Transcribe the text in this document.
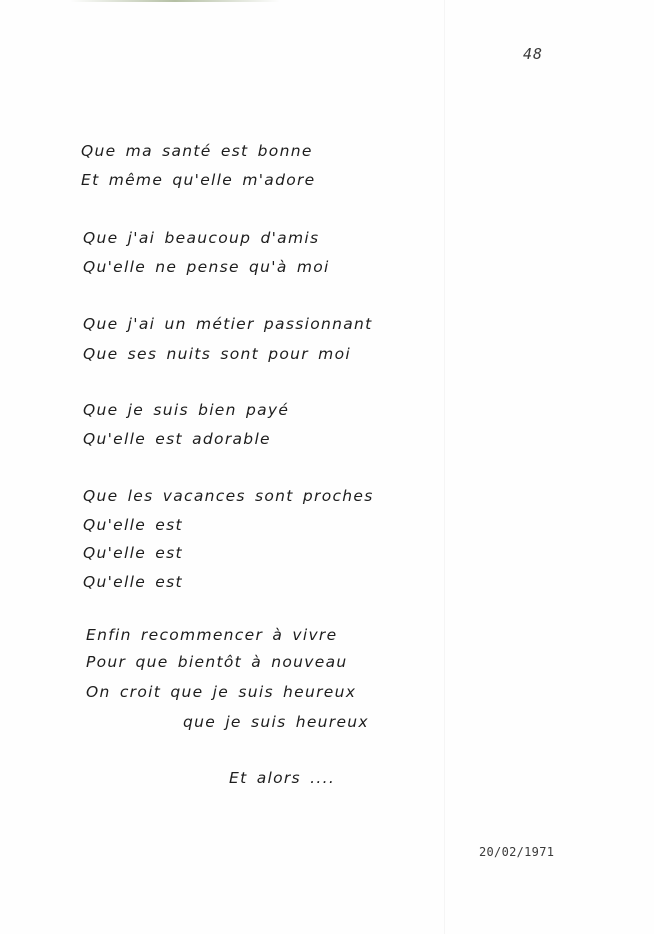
48
Que ma santé est bonne
Et même qu'elle m'adore
Que j'ai beaucoup d'amis
Qu'elle ne pense qu'à moi
Que j'ai un métier passionnant
Que ses nuits sont pour moi
Que je suis bien payé
Qu'elle est adorable
Que les vacances sont proches
Qu'elle est
Qu'elle est
Qu'elle est
Enfin recommencer à vivre
Pour que bientôt à nouveau
On croit que je suis heureux
que je suis heureux
Et alors ....
20/02/1971
